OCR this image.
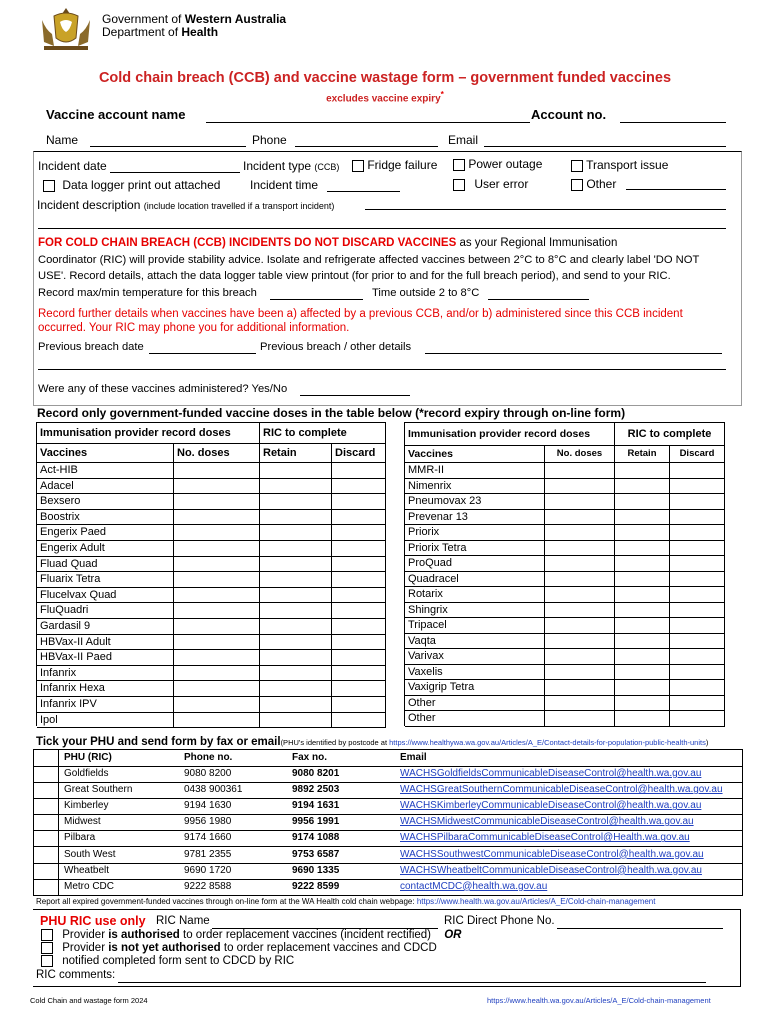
Government of Western Australia
Department of Health
Cold chain breach (CCB) and vaccine wastage form – government funded vaccines
excludes vaccine expiry*
Vaccine account name	Account no.
Name	Phone	Email
Incident date	Incident type (CCB)	Fridge failure	Power outage	Transport issue
Data logger print out attached Incident time	User error	Other
Incident description (include location travelled if a transport incident)
FOR COLD CHAIN BREACH (CCB) INCIDENTS DO NOT DISCARD VACCINES as your Regional Immunisation
Coordinator (RIC) will provide stability advice. Isolate and refrigerate affected vaccines between 2°C to 8°C and clearly label 'DO NOT
USE'. Record details, attach the data logger table view printout (for prior to and for the full breach period), and send to your RIC.
Record max/min temperature for this breach	Time outside 2 to 8°C
Record further details when vaccines have been a) affected by a previous CCB, and/or b) administered since this CCB incident
occurred. Your RIC may phone you for additional information.
Previous breach date	Previous breach / other details
Were any of these vaccines administered? Yes/No
Record only government-funded vaccine doses in the table below (*record expiry through on-line form)
Immunisation provider record doses	RIC to complete
Vaccines	No. doses	Retain	Discard
Act-HIB
Adacel
Bexsero
Boostrix
Engerix Paed
Engerix Adult
Fluad Quad
Fluarix Tetra
Flucelvax Quad
FluQuadri
Gardasil 9
HBVax-II Adult
HBVax-II Paed
Infanrix
Infanrix Hexa
Infanrix IPV
Ipol
Immunisation provider record doses	RIC to complete
Vaccines	No. doses	Retain	Discard
MMR-II
Nimenrix
Pneumovax 23
Prevenar 13
Priorix
Priorix Tetra
ProQuad
Quadracel
Rotarix
Shingrix
Tripacel
Vaqta
Varivax
Vaxelis
Vaxigrip Tetra
Other
Other
Tick your PHU and send form by fax or email(PHU's identified by postcode at https://www.healthywa.wa.gov.au/Articles/A_E/Contact-details-for-population-public-health-units)
PHU (RIC)	Phone no.	Fax no.	Email
Goldfields	9080 8200	9080 8201	WACHSGoldfieldsCommunicableDiseaseControl@health.wa.gov.au
Great Southern	0438 900361	9892 2503	WACHSGreatSouthernCommunicableDiseaseControl@health.wa.gov.au
Kimberley	9194 1630	9194 1631	WACHSKimberleyCommunicableDiseaseControl@health.wa.gov.au
Midwest	9956 1980	9956 1991	WACHSMidwestCommunicableDiseaseControl@health.wa.gov.au
Pilbara	9174 1660	9174 1088	WACHSPilbaraCommunicableDiseaseControl@Health.wa.gov.au
South West	9781 2355	9753 6587	WACHSSouthwestCommunicableDiseaseControl@health.wa.gov.au
Wheatbelt	9690 1720	9690 1335	WACHSWheatbeltCommunicableDiseaseControl@health.wa.gov.au
Metro CDC	9222 8588	9222 8599	contactMCDC@health.wa.gov.au
Report all expired government-funded vaccines through on-line form at the WA Health cold chain webpage: https://www.health.wa.gov.au/Articles/A_E/Cold-chain-management
PHU RIC use only RIC Name	RIC Direct Phone No.
Provider is authorised to order replacement vaccines (incident rectified) OR
Provider is not yet authorised to order replacement vaccines and CDCD
notified completed form sent to CDCD by RIC
RIC comments:
Cold Chain and wastage form 2024	https://www.health.wa.gov.au/Articles/A_E/Cold-chain-management
